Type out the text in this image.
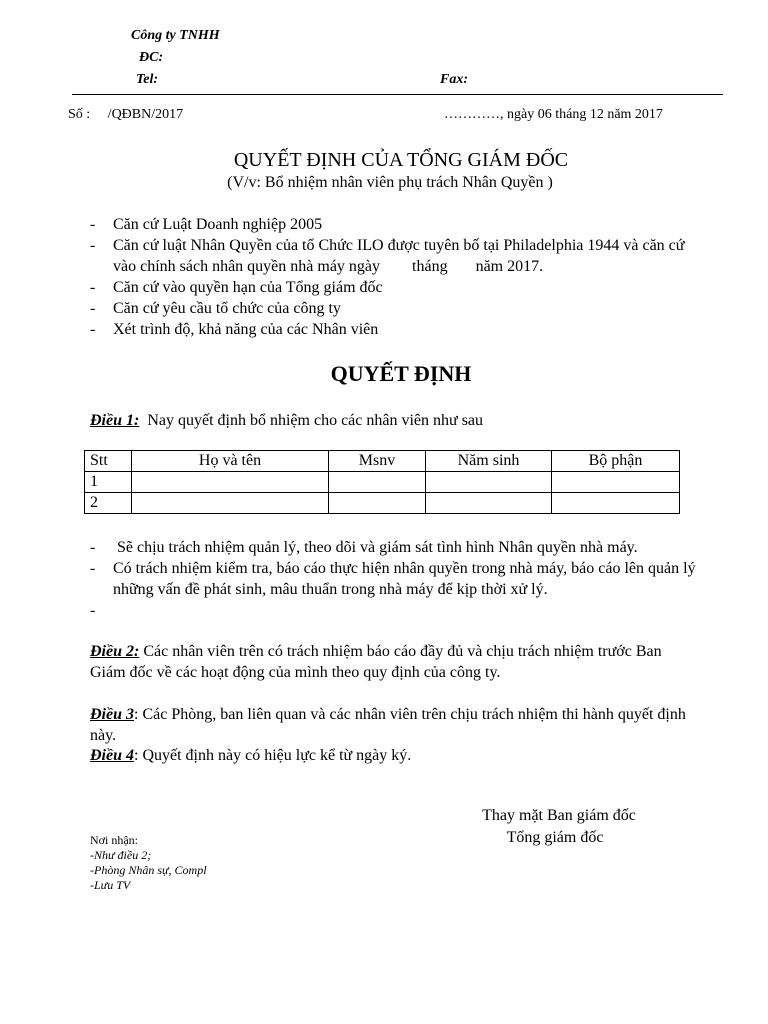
Công ty TNHH
ĐC:
Tel:	Fax:
Số :     /QĐBN/2017	…………, ngày 06 tháng 12 năm 2017
QUYẾT ĐỊNH CỦA TỔNG GIÁM ĐỐC
(V/v: Bổ nhiệm nhân viên phụ trách Nhân Quyền )
-	Căn cứ Luật Doanh nghiệp 2005
-	Căn cứ luật Nhân Quyền của tổ Chức ILO được tuyên bố tại Philadelphia 1944 và căn cứ vào chính sách nhân quyền nhà máy ngày        tháng       năm 2017.
-	Căn cứ vào quyền hạn của Tổng giám đốc
-	Căn cứ yêu cầu tổ chức của công ty
-	Xét trình độ, khả năng của các Nhân viên
QUYẾT ĐỊNH
Điều 1:  Nay quyết định bổ nhiệm cho các nhân viên như sau
Stt	Họ và tên	Msnv	Năm sinh	Bộ phận
1				
2				
-	Sẽ chịu trách nhiệm quản lý, theo dõi và giám sát tình hình Nhân quyền nhà máy.
-	Có trách nhiệm kiểm tra, báo cáo thực hiện nhân quyền trong nhà máy, báo cáo lên quản lý những vấn đề phát sinh, mâu thuẩn trong nhà máy để kịp thời xử lý.
-
Điều 2: Các nhân viên trên có trách nhiệm báo cáo đầy đủ và chịu trách nhiệm trước Ban Giám đốc về các hoạt động của mình theo quy định của công ty.
Điều 3: Các Phòng, ban liên quan và các nhân viên trên chịu trách nhiệm thi hành quyết định này.
Điều 4: Quyết định này có hiệu lực kể từ ngày ký.
Thay mặt Ban giám đốc
Tổng giám đốc
Nơi nhận:
-Như điều 2;
-Phòng Nhân sự, Compl
-Lưu TV
